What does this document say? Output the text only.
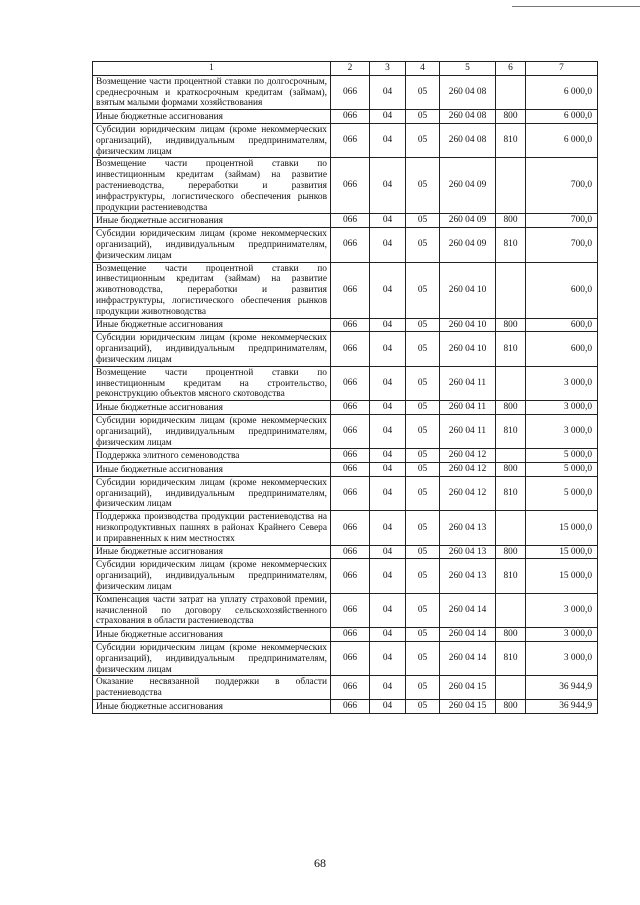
1	2	3	4	5	6	7
Возмещение части процентной ставки по долгосрочным, среднесрочным и краткосрочным кредитам (займам), взятым малыми формами хозяйствования	066	04	05	260 04 08		6 000,0
Иные бюджетные ассигнования	066	04	05	260 04 08	800	6 000,0
Субсидии юридическим лицам (кроме некоммерческих организаций), индивидуальным предпринимателям, физическим лицам	066	04	05	260 04 08	810	6 000,0
Возмещение части процентной ставки по инвестиционным кредитам (займам) на развитие растениеводства, переработки и развития инфраструктуры, логистического обеспечения рынков продукции растениеводства	066	04	05	260 04 09		700,0
Иные бюджетные ассигнования	066	04	05	260 04 09	800	700,0
Субсидии юридическим лицам (кроме некоммерческих организаций), индивидуальным предпринимателям, физическим лицам	066	04	05	260 04 09	810	700,0
Возмещение части процентной ставки по инвестиционным кредитам (займам) на развитие животноводства, переработки и развития инфраструктуры, логистического обеспечения рынков продукции животноводства	066	04	05	260 04 10		600,0
Иные бюджетные ассигнования	066	04	05	260 04 10	800	600,0
Субсидии юридическим лицам (кроме некоммерческих организаций), индивидуальным предпринимателям, физическим лицам	066	04	05	260 04 10	810	600,0
Возмещение части процентной ставки по инвестиционным кредитам на строительство, реконструкцию объектов мясного скотоводства	066	04	05	260 04 11		3 000,0
Иные бюджетные ассигнования	066	04	05	260 04 11	800	3 000,0
Субсидии юридическим лицам (кроме некоммерческих организаций), индивидуальным предпринимателям, физическим лицам	066	04	05	260 04 11	810	3 000,0
Поддержка элитного семеноводства	066	04	05	260 04 12		5 000,0
Иные бюджетные ассигнования	066	04	05	260 04 12	800	5 000,0
Субсидии юридическим лицам (кроме некоммерческих организаций), индивидуальным предпринимателям, физическим лицам	066	04	05	260 04 12	810	5 000,0
Поддержка производства продукции растениеводства на низкопродуктивных пашнях в районах Крайнего Севера и приравненных к ним местностях	066	04	05	260 04 13		15 000,0
Иные бюджетные ассигнования	066	04	05	260 04 13	800	15 000,0
Субсидии юридическим лицам (кроме некоммерческих организаций), индивидуальным предпринимателям, физическим лицам	066	04	05	260 04 13	810	15 000,0
Компенсация части затрат на уплату страховой премии, начисленной по договору сельскохозяйственного страхования в области растениеводства	066	04	05	260 04 14		3 000,0
Иные бюджетные ассигнования	066	04	05	260 04 14	800	3 000,0
Субсидии юридическим лицам (кроме некоммерческих организаций), индивидуальным предпринимателям, физическим лицам	066	04	05	260 04 14	810	3 000,0
Оказание несвязанной поддержки в области растениеводства	066	04	05	260 04 15		36 944,9
Иные бюджетные ассигнования	066	04	05	260 04 15	800	36 944,9
68
